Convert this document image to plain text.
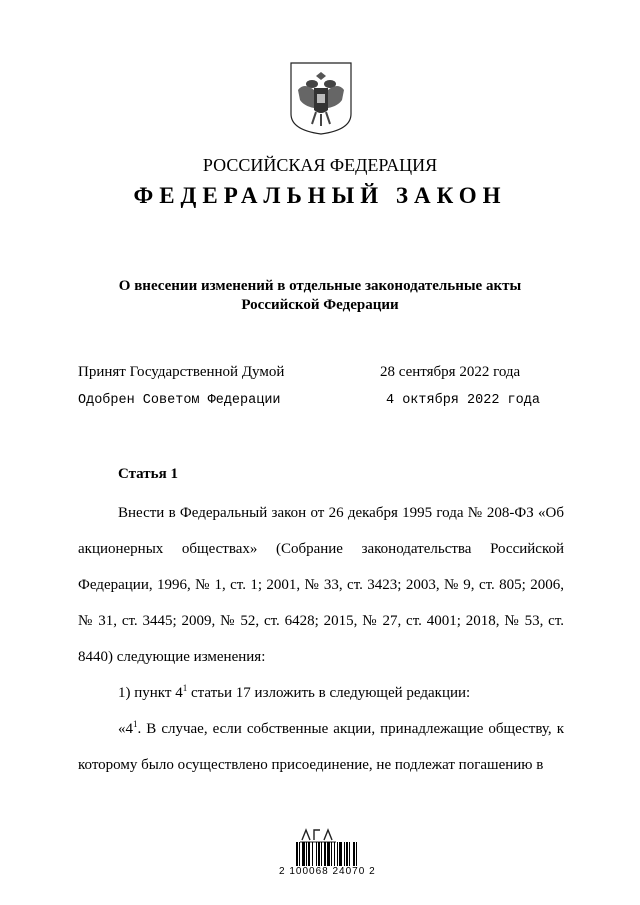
РОССИЙСКАЯ ФЕДЕРАЦИЯ
ФЕДЕРАЛЬНЫЙ ЗАКОН
О внесении изменений в отдельные законодательные акты
Российской Федерации
Принят Государственной Думой	28 сентября 2022 года
Одобрен Советом Федерации	4 октября 2022 года
Статья 1
Внести в Федеральный закон от 26 декабря 1995 года № 208-ФЗ «Об акционерных обществах» (Собрание законодательства Российской Федерации, 1996, № 1, ст. 1; 2001, № 33, ст. 3423; 2003, № 9, ст. 805; 2006, № 31, ст. 3445; 2009, № 52, ст. 6428; 2015, № 27, ст. 4001; 2018, № 53, ст. 8440) следующие изменения:
1) пункт $4^1$ статьи 17 изложить в следующей редакции:
«$4^1$. В случае, если собственные акции, принадлежащие обществу, к которому было осуществлено присоединение, не подлежат погашению в
2 100068 24070 2
